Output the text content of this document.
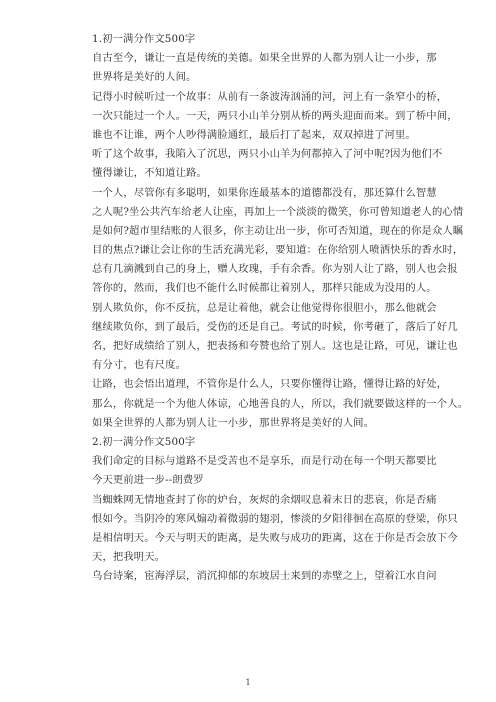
1.初一满分作文500字
自古至今，谦让一直是传统的美德。如果全世界的人都为别人让一小步，那
世界将是美好的人间。
记得小时候听过一个故事：从前有一条波涛汹涌的河，河上有一条窄小的桥，
一次只能过一个人。一天，两只小山羊分别从桥的两头迎面而来。到了桥中间，
谁也不让谁，两个人吵得满脸通红，最后打了起来，双双掉进了河里。
听了这个故事，我陷入了沉思，两只小山羊为何都掉入了河中呢?因为他们不
懂得谦让，不知道让路。
一个人，尽管你有多聪明，如果你连最基本的道德都没有，那还算什么智慧
之人呢?坐公共汽车给老人让座，再加上一个淡淡的微笑，你可曾知道老人的心情
是如何?超市里结账的人很多，你主动让出一步，你可否知道，现在的你是众人瞩
目的焦点?谦让会让你的生活充满光彩，要知道：在你给别人喷洒快乐的香水时，
总有几滴溅到自己的身上，赠人玫瑰，手有余香。你为别人让了路，别人也会报
答你的，然而，我们也不能什么时候都让着别人，那样只能成为没用的人。
别人欺负你，你不反抗，总是让着他，就会让他觉得你很胆小，那么他就会
继续欺负你，到了最后，受伤的还是自己。考试的时候，你考砸了，落后了好几
名，把好成绩给了别人，把表扬和夸赞也给了别人。这也是让路，可见，谦让也
有分寸，也有尺度。
让路，也会悟出道理，不管你是什么人，只要你懂得让路，懂得让路的好处，
那么，你就是一个为他人体谅，心地善良的人，所以，我们就要做这样的一个人。
如果全世界的人都为别人让一小步，那世界将是美好的人间。
2.初一满分作文500字
我们命定的目标与道路不是受苦也不是享乐，而是行动在每一个明天都要比
今天更前进一步--朗费罗
当蜘蛛网无情地查封了你的炉台，灰烬的余烟叹息着末日的悲哀，你是否痛
恨如今。当阴冷的寒风煽动着微弱的翅羽，惨淡的夕阳徘徊在高原的登梁，你只
是相信明天。今天与明天的距离，是失败与成功的距离，这在于你是否会放下今
天，把我明天。
乌台诗案，宦海浮层，消沉抑郁的东坡居士来到的赤壁之上，望着江水自问
1
